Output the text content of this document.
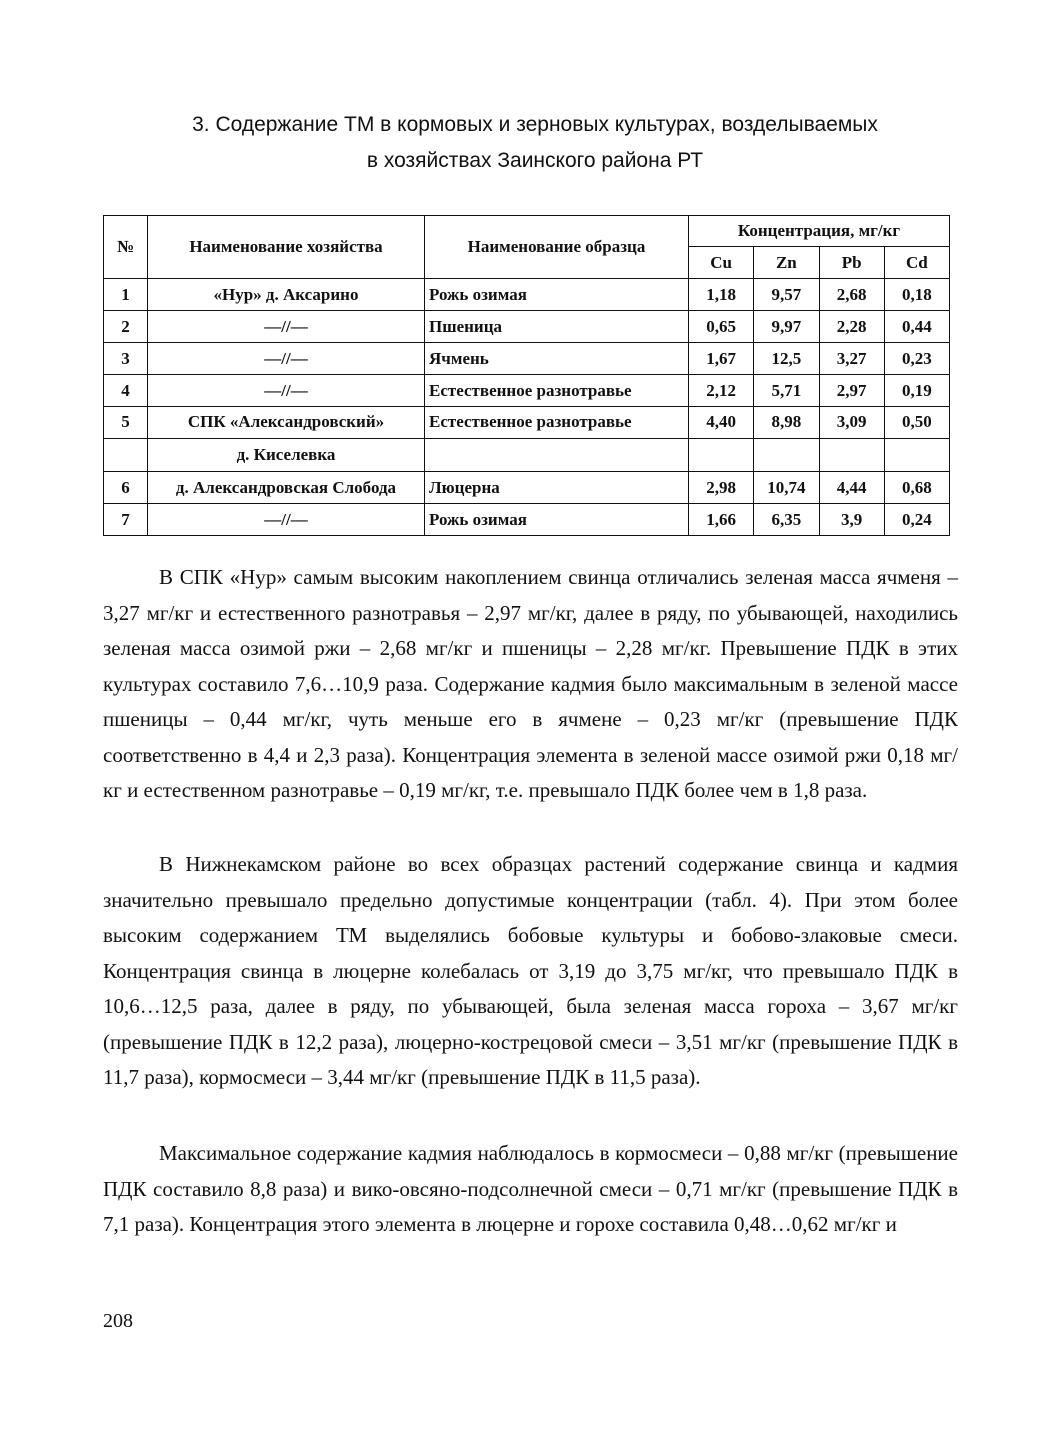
3. Содержание ТМ в кормовых и зерновых культурах, возделываемых
в хозяйствах Заинского района РТ
№	Наименование хозяйства	Наименование образца	Концентрация, мг/кг			
			Cu	Zn	Pb	Cd
1	«Нур» д. Аксарино	Рожь озимая	1,18	9,57	2,68	0,18
2	—//—	Пшеница	0,65	9,97	2,28	0,44
3	—//—	Ячмень	1,67	12,5	3,27	0,23
4	—//—	Естественное разнотравье	2,12	5,71	2,97	0,19
5	СПК «Александровский»	Естественное разнотравье	4,40	8,98	3,09	0,50
	д. Киселевка					
6	д. Александровская Слобода	Люцерна	2,98	10,74	4,44	0,68
7	—//—	Рожь озимая	1,66	6,35	3,9	0,24

В СПК «Нур» самым высоким накоплением свинца отличались зеленая масса ячменя – 3,27 мг/кг и естественного разнотравья – 2,97 мг/кг, далее в ряду, по убывающей, находились зеленая масса озимой ржи – 2,68 мг/кг и пшеницы – 2,28 мг/кг. Превышение ПДК в этих культурах составило 7,6…10,9 раза. Содержание кадмия было максимальным в зеленой массе пшеницы – 0,44 мг/кг, чуть меньше его в ячмене – 0,23 мг/кг (превышение ПДК соответственно в 4,4 и 2,3 раза). Концентрация элемента в зеленой массе озимой ржи 0,18 мг/кг и естественном разнотравье – 0,19 мг/кг, т.е. превышало ПДК более чем в 1,8 раза.

В Нижнекамском районе во всех образцах растений содержание свинца и кадмия значительно превышало предельно допустимые концентрации (табл. 4). При этом более высоким содержанием ТМ выделялись бобовые культуры и бобово-злаковые смеси. Концентрация свинца в люцерне колебалась от 3,19 до 3,75 мг/кг, что превышало ПДК в 10,6…12,5 раза, далее в ряду, по убывающей, была зеленая масса гороха – 3,67 мг/кг (превышение ПДК в 12,2 раза), люцерно-кострецовой смеси – 3,51 мг/кг (превышение ПДК в 11,7 раза), кормосмеси – 3,44 мг/кг (превышение ПДК в 11,5 раза).

Максимальное содержание кадмия наблюдалось в кормосмеси – 0,88 мг/кг (превышение ПДК составило 8,8 раза) и вико-овсяно-подсолнечной смеси – 0,71 мг/кг (превышение ПДК в 7,1 раза). Концентрация этого элемента в люцерне и горохе составила 0,48…0,62 мг/кг и

208
